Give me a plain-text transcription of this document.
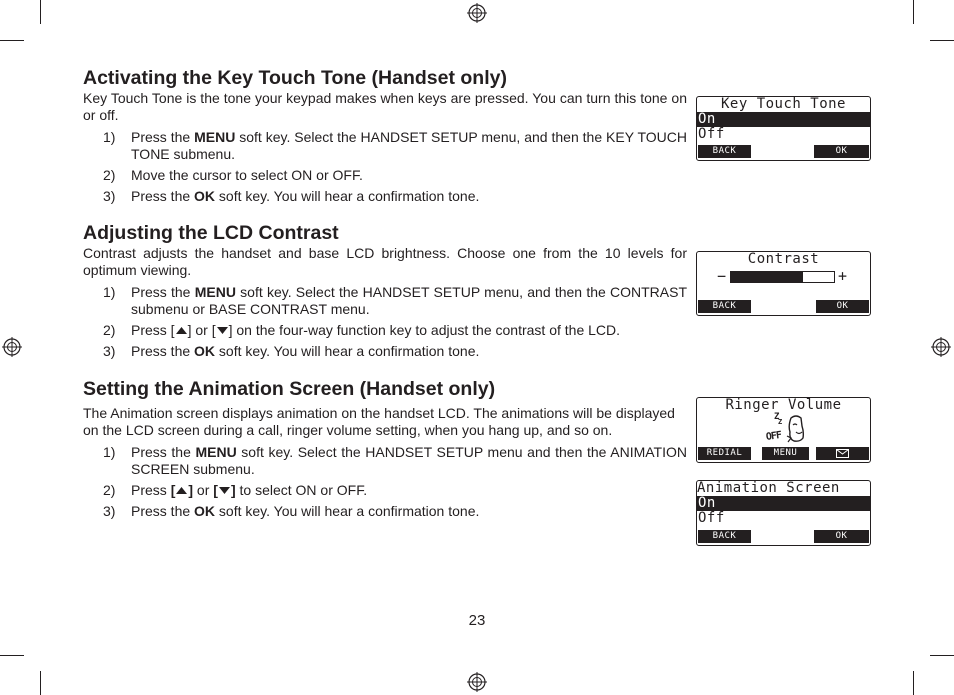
Activating the Key Touch Tone (Handset only)

Key Touch Tone is the tone your keypad makes when keys are pressed. You can turn this tone on or off.

1) Press the MENU soft key. Select the HANDSET SETUP menu, and then the KEY TOUCH TONE submenu.
2) Move the cursor to select ON or OFF.
3) Press the OK soft key. You will hear a confirmation tone.
Adjusting the LCD Contrast

Contrast adjusts the handset and base LCD brightness. Choose one from the 10 levels for optimum viewing.

1) Press the MENU soft key. Select the HANDSET SETUP menu, and then the CONTRAST submenu or BASE CONTRAST menu.
2) Press [ ] or [ ] on the four-way function key to adjust the contrast of the LCD.
3) Press the OK soft key. You will hear a confirmation tone.
Setting the Animation Screen (Handset only)

The Animation screen displays animation on the handset LCD. The animations will be displayed on the LCD screen during a call, ringer volume setting, when you hang up, and so on.

1) Press the MENU soft key. Select the HANDSET SETUP menu and then the ANIMATION SCREEN submenu.
2) Press [ ] or [ ] to select ON or OFF.
3) Press the OK soft key. You will hear a confirmation tone.
Key Touch Tone
On
Off
BACK	OK
Contrast
−	+
BACK	OK
Ringer Volume
Z
Z
OFF
REDIAL	MENU
Animation Screen
On
Off
BACK	OK
23
